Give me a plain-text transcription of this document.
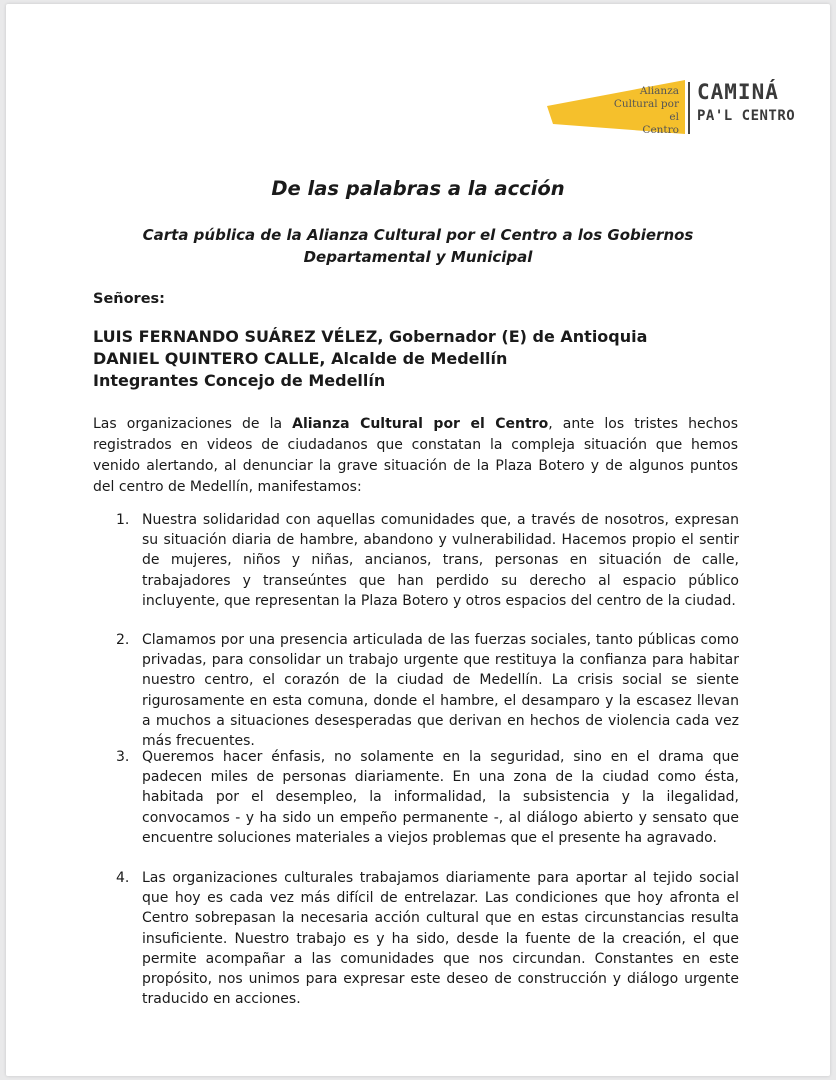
Alianza
Cultural por el
Centro
CAMINÁ
PA'L CENTRO
De las palabras a la acción
Carta pública de la Alianza Cultural por el Centro a los Gobiernos Departamental y Municipal
Señores:
LUIS FERNANDO SUÁREZ VÉLEZ, Gobernador (E) de Antioquia
DANIEL QUINTERO CALLE, Alcalde de Medellín
Integrantes Concejo de Medellín
Las organizaciones de la Alianza Cultural por el Centro, ante los tristes hechos registrados en videos de ciudadanos que constatan la compleja situación que hemos venido alertando, al denunciar la grave situación de la Plaza Botero y de algunos puntos del centro de Medellín, manifestamos:
1. Nuestra solidaridad con aquellas comunidades que, a través de nosotros, expresan su situación diaria de hambre, abandono y vulnerabilidad. Hacemos propio el sentir de mujeres, niños y niñas, ancianos, trans, personas en situación de calle, trabajadores y transeúntes que han perdido su derecho al espacio público incluyente, que representan la Plaza Botero y otros espacios del centro de la ciudad.
2. Clamamos por una presencia articulada de las fuerzas sociales, tanto públicas como privadas, para consolidar un trabajo urgente que restituya la confianza para habitar nuestro centro, el corazón de la ciudad de Medellín. La crisis social se siente rigurosamente en esta comuna, donde el hambre, el desamparo y la escasez llevan a muchos a situaciones desesperadas que derivan en hechos de violencia cada vez más frecuentes.
3. Queremos hacer énfasis, no solamente en la seguridad, sino en el drama que padecen miles de personas diariamente. En una zona de la ciudad como ésta, habitada por el desempleo, la informalidad, la subsistencia y la ilegalidad, convocamos - y ha sido un empeño permanente -, al diálogo abierto y sensato que encuentre soluciones materiales a viejos problemas que el presente ha agravado.
4. Las organizaciones culturales trabajamos diariamente para aportar al tejido social que hoy es cada vez más difícil de entrelazar. Las condiciones que hoy afronta el Centro sobrepasan la necesaria acción cultural que en estas circunstancias resulta insuficiente. Nuestro trabajo es y ha sido, desde la fuente de la creación, el que permite acompañar a las comunidades que nos circundan. Constantes en este propósito, nos unimos para expresar este deseo de construcción y diálogo urgente traducido en acciones.
